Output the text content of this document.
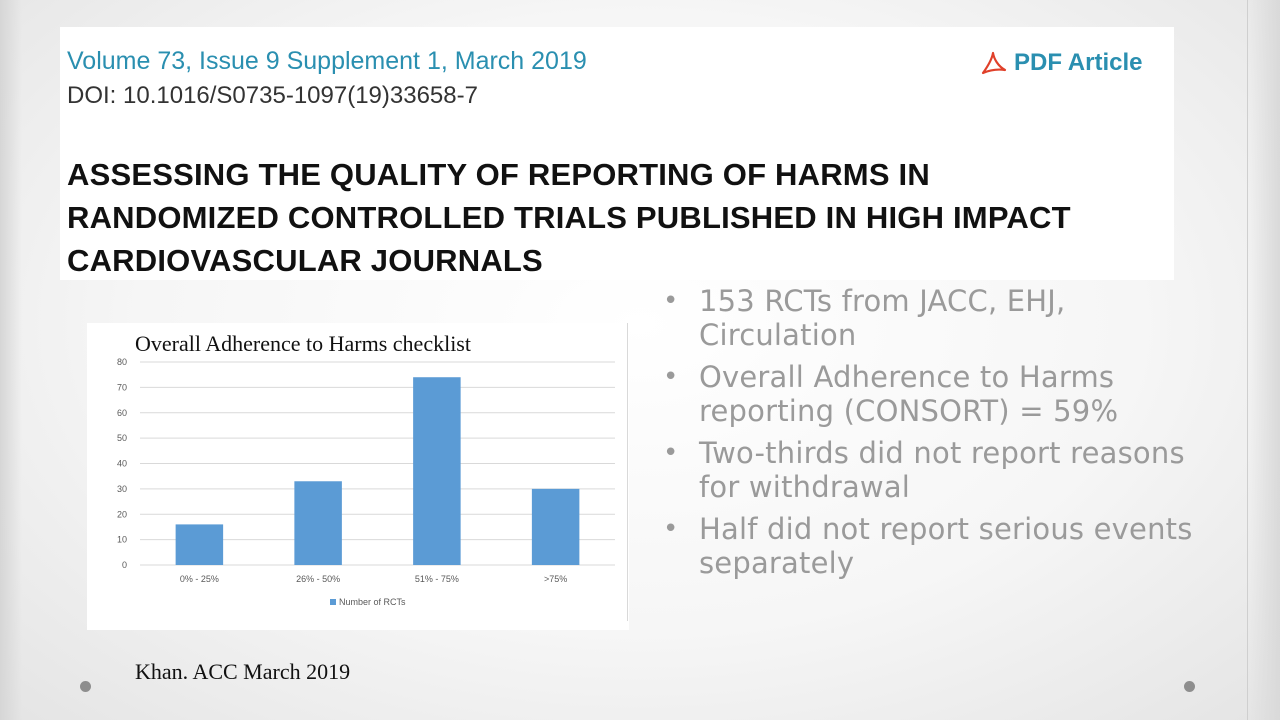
Volume 73, Issue 9 Supplement 1, March 2019
DOI: 10.1016/S0735-1097(19)33658-7
PDF Article
ASSESSING THE QUALITY OF REPORTING OF HARMS IN
RANDOMIZED CONTROLLED TRIALS PUBLISHED IN HIGH IMPACT
CARDIOVASCULAR JOURNALS
Overall Adherence to Harms checklist
0
10
20
30
40
50
60
70
80
0% - 25%	26% - 50%	51% - 75%	>75%
Number of RCTs
• 153 RCTs from JACC, EHJ, Circulation
• Overall Adherence to Harms reporting (CONSORT) = 59%
• Two-thirds did not report reasons for withdrawal
• Half did not report serious events separately
Khan. ACC March 2019
